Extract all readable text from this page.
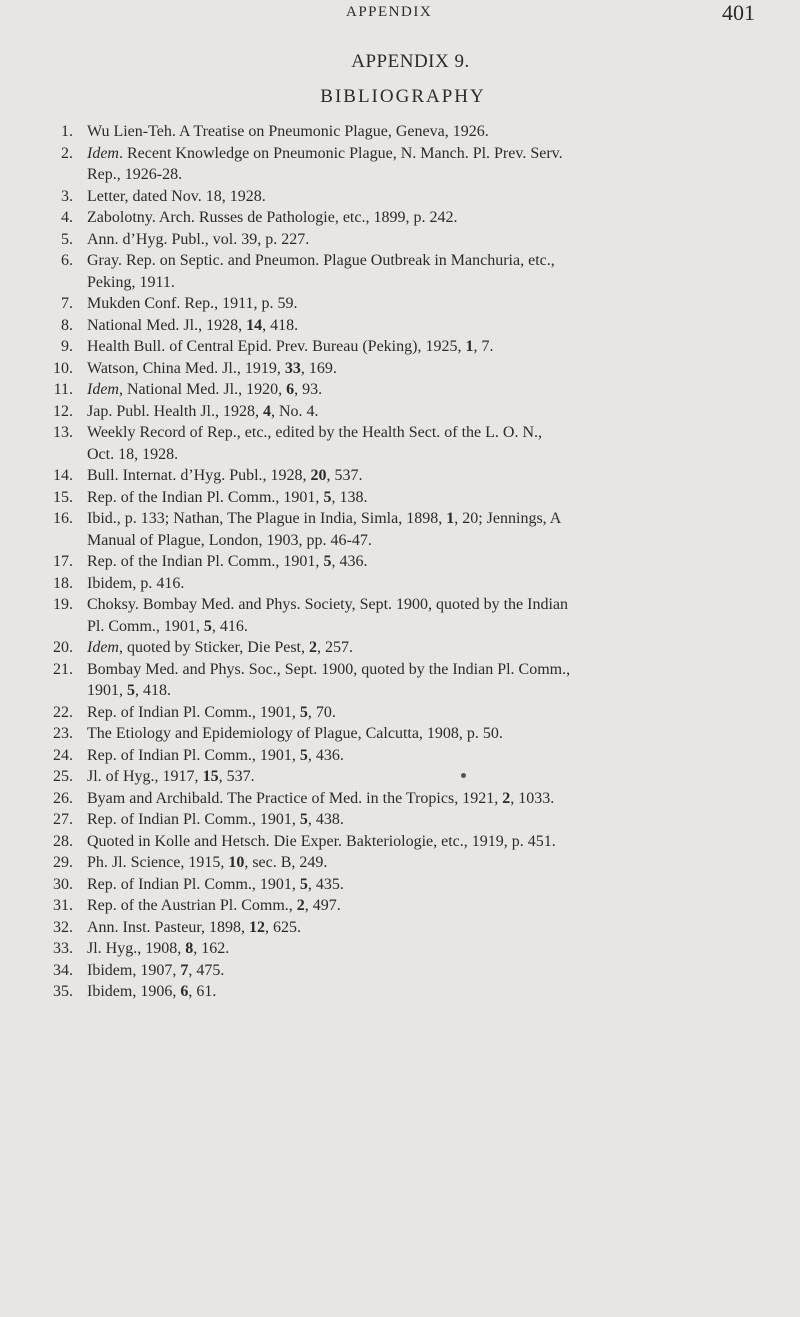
APPENDIX	401
APPENDIX 9.
BIBLIOGRAPHY
1 . Wu Lien-Teh. A Treatise on Pneumonic Plague, Geneva, 1926.
2 . Idem. Recent Knowledge on Pneumonic Plague, N. Manch. Pl. Prev. Serv.
Rep., 1926-28.
3 . Letter, dated Nov. 18, 1928.
4 . Zabolotny. Arch. Russes de Pathologie, etc., 1899, p. 242.
5 . Ann. d’Hyg. Publ., vol. 39, p. 227.
6 . Gray. Rep. on Septic. and Pneumon. Plague Outbreak in Manchuria, etc.,
Peking, 1911.
7 . Mukden Conf. Rep., 1911, p. 59.
8 . National Med. Jl., 1928, 14, 418.
9 . Health Bull. of Central Epid. Prev. Bureau (Peking), 1925, 1, 7.
10 . Watson, China Med. Jl., 1919, 33, 169.
11 . Idem, National Med. Jl., 1920, 6, 93.
12 . Jap. Publ. Health Jl., 1928, 4, No. 4.
13 . Weekly Record of Rep., etc., edited by the Health Sect. of the L. O. N.,
Oct. 18, 1928.
14 . Bull. Internat. d’Hyg. Publ., 1928, 20, 537.
15 . Rep. of the Indian Pl. Comm., 1901, 5, 138.
16 . Ibid., p. 133; Nathan, The Plague in India, Simla, 1898, 1, 20; Jennings, A
Manual of Plague, London, 1903, pp. 46-47.
17 . Rep. of the Indian Pl. Comm., 1901, 5, 436.
18 . Ibidem, p. 416.
19 . Choksy. Bombay Med. and Phys. Society, Sept. 1900, quoted by the Indian
Pl. Comm., 1901, 5, 416.
20 . Idem, quoted by Sticker, Die Pest, 2, 257.
21 . Bombay Med. and Phys. Soc., Sept. 1900, quoted by the Indian Pl. Comm.,
1901, 5, 418.
22 . Rep. of Indian Pl. Comm., 1901, 5, 70.
23 . The Etiology and Epidemiology of Plague, Calcutta, 1908, p. 50.
24 . Rep. of Indian Pl. Comm., 1901, 5, 436.
25 . Jl. of Hyg., 1917, 15, 537.
26 . Byam and Archibald. The Practice of Med. in the Tropics, 1921, 2, 1033.
27 . Rep. of Indian Pl. Comm., 1901, 5, 438.
28 . Quoted in Kolle and Hetsch. Die Exper. Bakteriologie, etc., 1919, p. 451.
29 . Ph. Jl. Science, 1915, 10, sec. B, 249.
30 . Rep. of Indian Pl. Comm., 1901, 5, 435.
31 . Rep. of the Austrian Pl. Comm., 2, 497.
32 . Ann. Inst. Pasteur, 1898, 12, 625.
33 . Jl. Hyg., 1908, 8, 162.
34 . Ibidem, 1907, 7, 475.
35 . Ibidem, 1906, 6, 61.
